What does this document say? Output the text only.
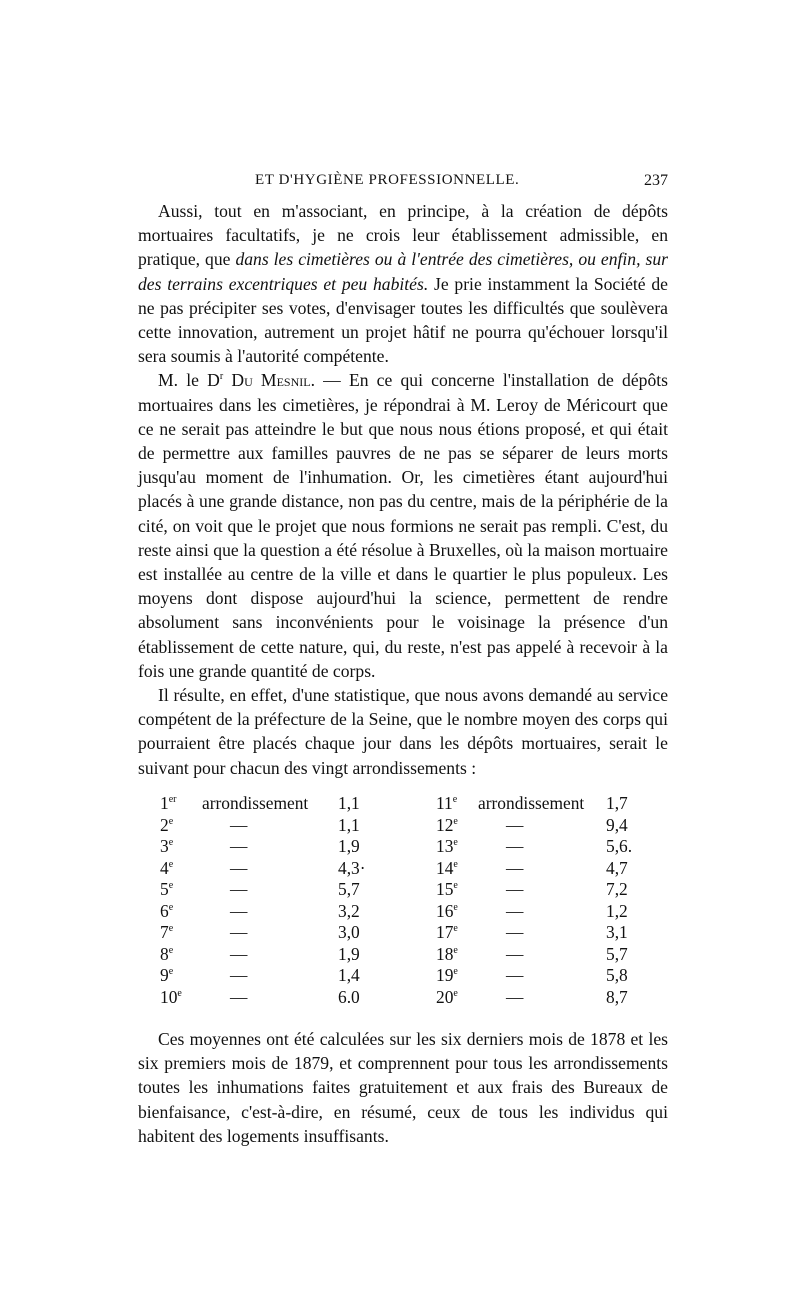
ET D'HYGIÈNE PROFESSIONNELLE.	237

Aussi, tout en m'associant, en principe, à la création de dépôts mortuaires facultatifs, je ne crois leur établissement admissible, en pratique, que dans les cimetières ou à l'entrée des cimetières, ou enfin, sur des terrains excentriques et peu habités. Je prie instamment la Société de ne pas précipiter ses votes, d'envisager toutes les difficultés que soulèvera cette innovation, autrement un projet hâtif ne pourra qu'échouer lorsqu'il sera soumis à l'autorité compétente.

M. le $D^r$ Du Mesnil. — En ce qui concerne l'installation de dépôts mortuaires dans les cimetières, je répondrai à M. Leroy de Méricourt que ce ne serait pas atteindre le but que nous nous étions proposé, et qui était de permettre aux familles pauvres de ne pas se séparer de leurs morts jusqu'au moment de l'inhumation. Or, les cimetières étant aujourd'hui placés à une grande distance, non pas du centre, mais de la périphérie de la cité, on voit que le projet que nous formions ne serait pas rempli. C'est, du reste ainsi que la question a été résolue à Bruxelles, où la maison mortuaire est installée au centre de la ville et dans le quartier le plus populeux. Les moyens dont dispose aujourd'hui la science, permettent de rendre absolument sans inconvénients pour le voisinage la présence d'un établissement de cette nature, qui, du reste, n'est pas appelé à recevoir à la fois une grande quantité de corps.

Il résulte, en effet, d'une statistique, que nous avons demandé au service compétent de la préfecture de la Seine, que le nombre moyen des corps qui pourraient être placés chaque jour dans les dépôts mortuaires, serait le suivant pour chacun des vingt arrondissements :

1er arrondissement 1,1
2e	—	1,1
3e	—	1,9
4e	—	4,3·
$5^e$	—	5,7
6e	—	3,2
7e	—	3,0
8e	—	1,9
9e	—	1,4
10e	—	6.0
11e arrondissement 1,7
12e	—	9,4
13e	—	5,6.
14e	—	4,7
15e	—	7,2
16e	—	1,2
17e	—	3,1
18e	—	5,7
19e	—	5,8
20e	—	8,7

Ces moyennes ont été calculées sur les six derniers mois de 1878 et les six premiers mois de 1879, et comprennent pour tous les arrondissements toutes les inhumations faites gratuitement et aux frais des Bureaux de bienfaisance, c'est-à-dire, en résumé, ceux de tous les individus qui habitent des logements insuffisants.
